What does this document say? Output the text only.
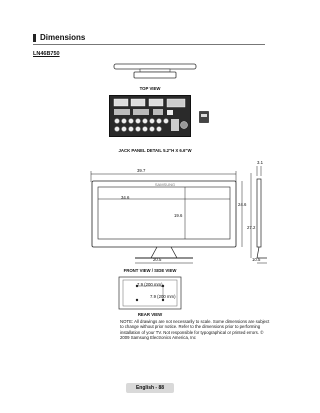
Dimensions
LN46B750
TOP VIEW
JACK PANEL DETAIL 5.2"H X 6.6"W
SAMSUNG
39.7
34.6
19.6
24.6
27.2
3.1
20.5	10.5
FRONT VIEW / SIDE VIEW
7.9 (200 mm)
7.9 (200 mm)
REAR VIEW
NOTE: All drawings are not necessarily to scale. Some dimensions are subject to change without prior notice. Refer to the dimensions prior to performing installation of your TV. Not responsible for typographical or printed errors. © 2009 Samsung Electronics America, Inc
English - 88
